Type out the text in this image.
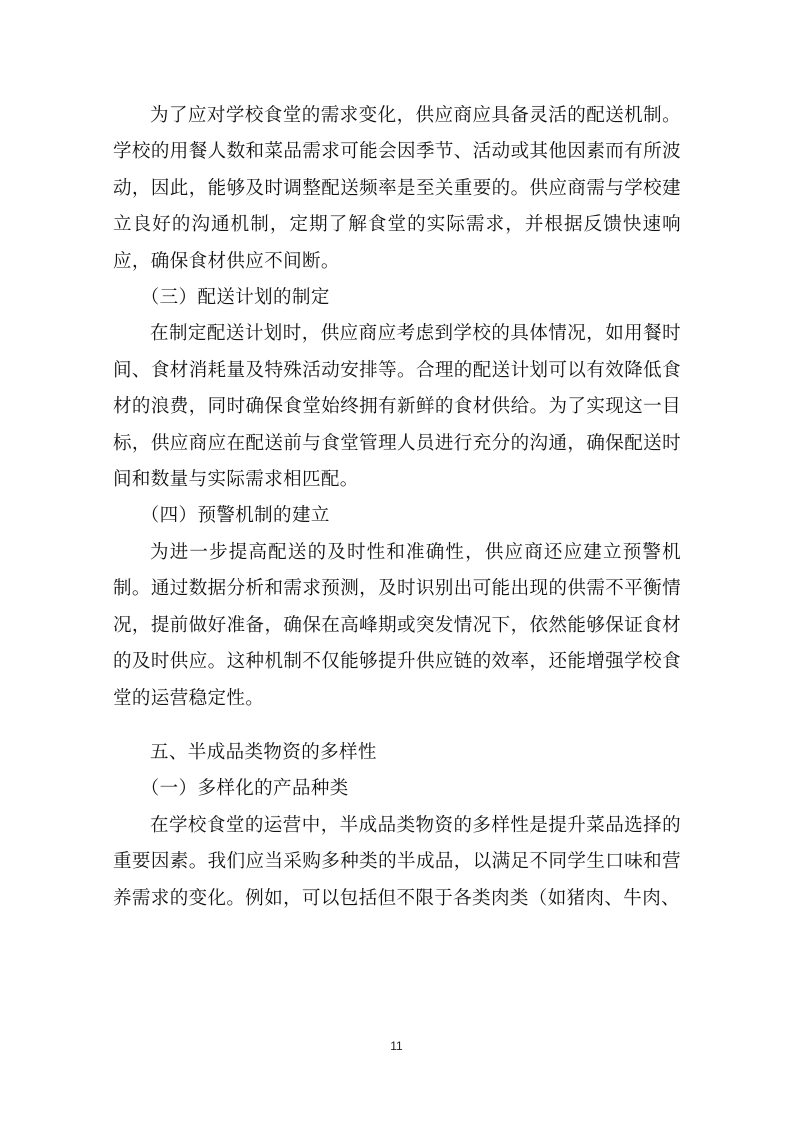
为了应对学校食堂的需求变化，供应商应具备灵活的配送机制。学校的用餐人数和菜品需求可能会因季节、活动或其他因素而有所波动，因此，能够及时调整配送频率是至关重要的。供应商需与学校建立良好的沟通机制，定期了解食堂的实际需求，并根据反馈快速响应，确保食材供应不间断。

（三）配送计划的制定

在制定配送计划时，供应商应考虑到学校的具体情况，如用餐时间、食材消耗量及特殊活动安排等。合理的配送计划可以有效降低食材的浪费，同时确保食堂始终拥有新鲜的食材供给。为了实现这一目标，供应商应在配送前与食堂管理人员进行充分的沟通，确保配送时间和数量与实际需求相匹配。

（四）预警机制的建立

为进一步提高配送的及时性和准确性，供应商还应建立预警机制。通过数据分析和需求预测，及时识别出可能出现的供需不平衡情况，提前做好准备，确保在高峰期或突发情况下，依然能够保证食材的及时供应。这种机制不仅能够提升供应链的效率，还能增强学校食堂的运营稳定性。

五、半成品类物资的多样性

（一）多样化的产品种类

在学校食堂的运营中，半成品类物资的多样性是提升菜品选择的重要因素。我们应当采购多种类的半成品，以满足不同学生口味和营养需求的变化。例如，可以包括但不限于各类肉类（如猪肉、牛肉、

11
